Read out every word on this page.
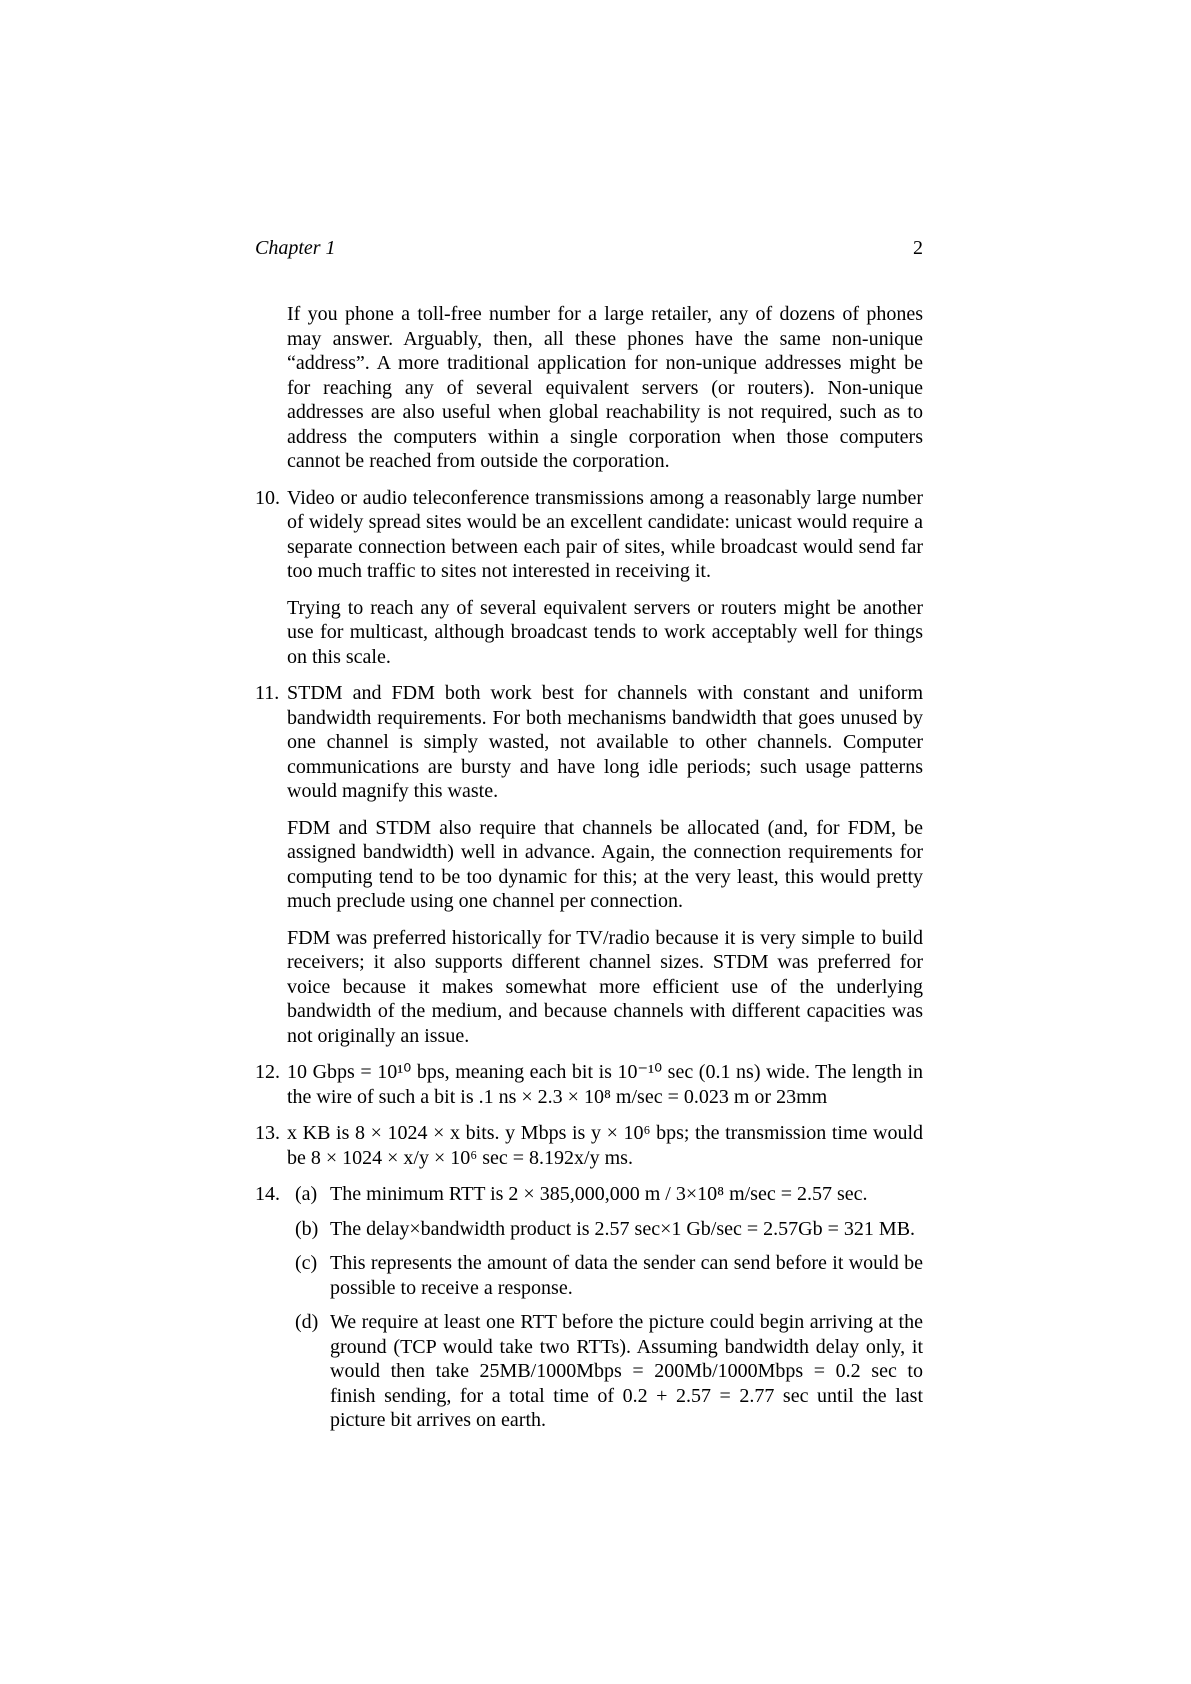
Chapter 1	2

If you phone a toll-free number for a large retailer, any of dozens of phones may answer. Arguably, then, all these phones have the same non-unique “address”. A more traditional application for non-unique addresses might be for reaching any of several equivalent servers (or routers). Non-unique addresses are also useful when global reachability is not required, such as to address the computers within a single corporation when those computers cannot be reached from outside the corporation.

10. Video or audio teleconference transmissions among a reasonably large number of widely spread sites would be an excellent candidate: unicast would require a separate connection between each pair of sites, while broadcast would send far too much traffic to sites not interested in receiving it.

Trying to reach any of several equivalent servers or routers might be another use for multicast, although broadcast tends to work acceptably well for things on this scale.

11. STDM and FDM both work best for channels with constant and uniform bandwidth requirements. For both mechanisms bandwidth that goes unused by one channel is simply wasted, not available to other channels. Computer communications are bursty and have long idle periods; such usage patterns would magnify this waste.

FDM and STDM also require that channels be allocated (and, for FDM, be assigned bandwidth) well in advance. Again, the connection requirements for computing tend to be too dynamic for this; at the very least, this would pretty much preclude using one channel per connection.

FDM was preferred historically for TV/radio because it is very simple to build receivers; it also supports different channel sizes. STDM was preferred for voice because it makes somewhat more efficient use of the underlying bandwidth of the medium, and because channels with different capacities was not originally an issue.

12. 10 Gbps = 10¹⁰ bps, meaning each bit is 10⁻¹⁰ sec (0.1 ns) wide. The length in the wire of such a bit is .1 ns × 2.3 × 10⁸ m/sec = 0.023 m or 23mm

13. x KB is 8 × 1024 × x bits. y Mbps is y × 10⁶ bps; the transmission time would be 8 × 1024 × x/y × 10⁶ sec = 8.192x/y ms.

14. (a) The minimum RTT is 2 × 385,000,000 m / 3×10⁸ m/sec = 2.57 sec.

(b) The delay×bandwidth product is 2.57 sec×1 Gb/sec = 2.57Gb = 321 MB.

(c) This represents the amount of data the sender can send before it would be possible to receive a response.

(d) We require at least one RTT before the picture could begin arriving at the ground (TCP would take two RTTs). Assuming bandwidth delay only, it would then take 25MB/1000Mbps = 200Mb/1000Mbps = 0.2 sec to finish sending, for a total time of 0.2 + 2.57 = 2.77 sec until the last picture bit arrives on earth.
